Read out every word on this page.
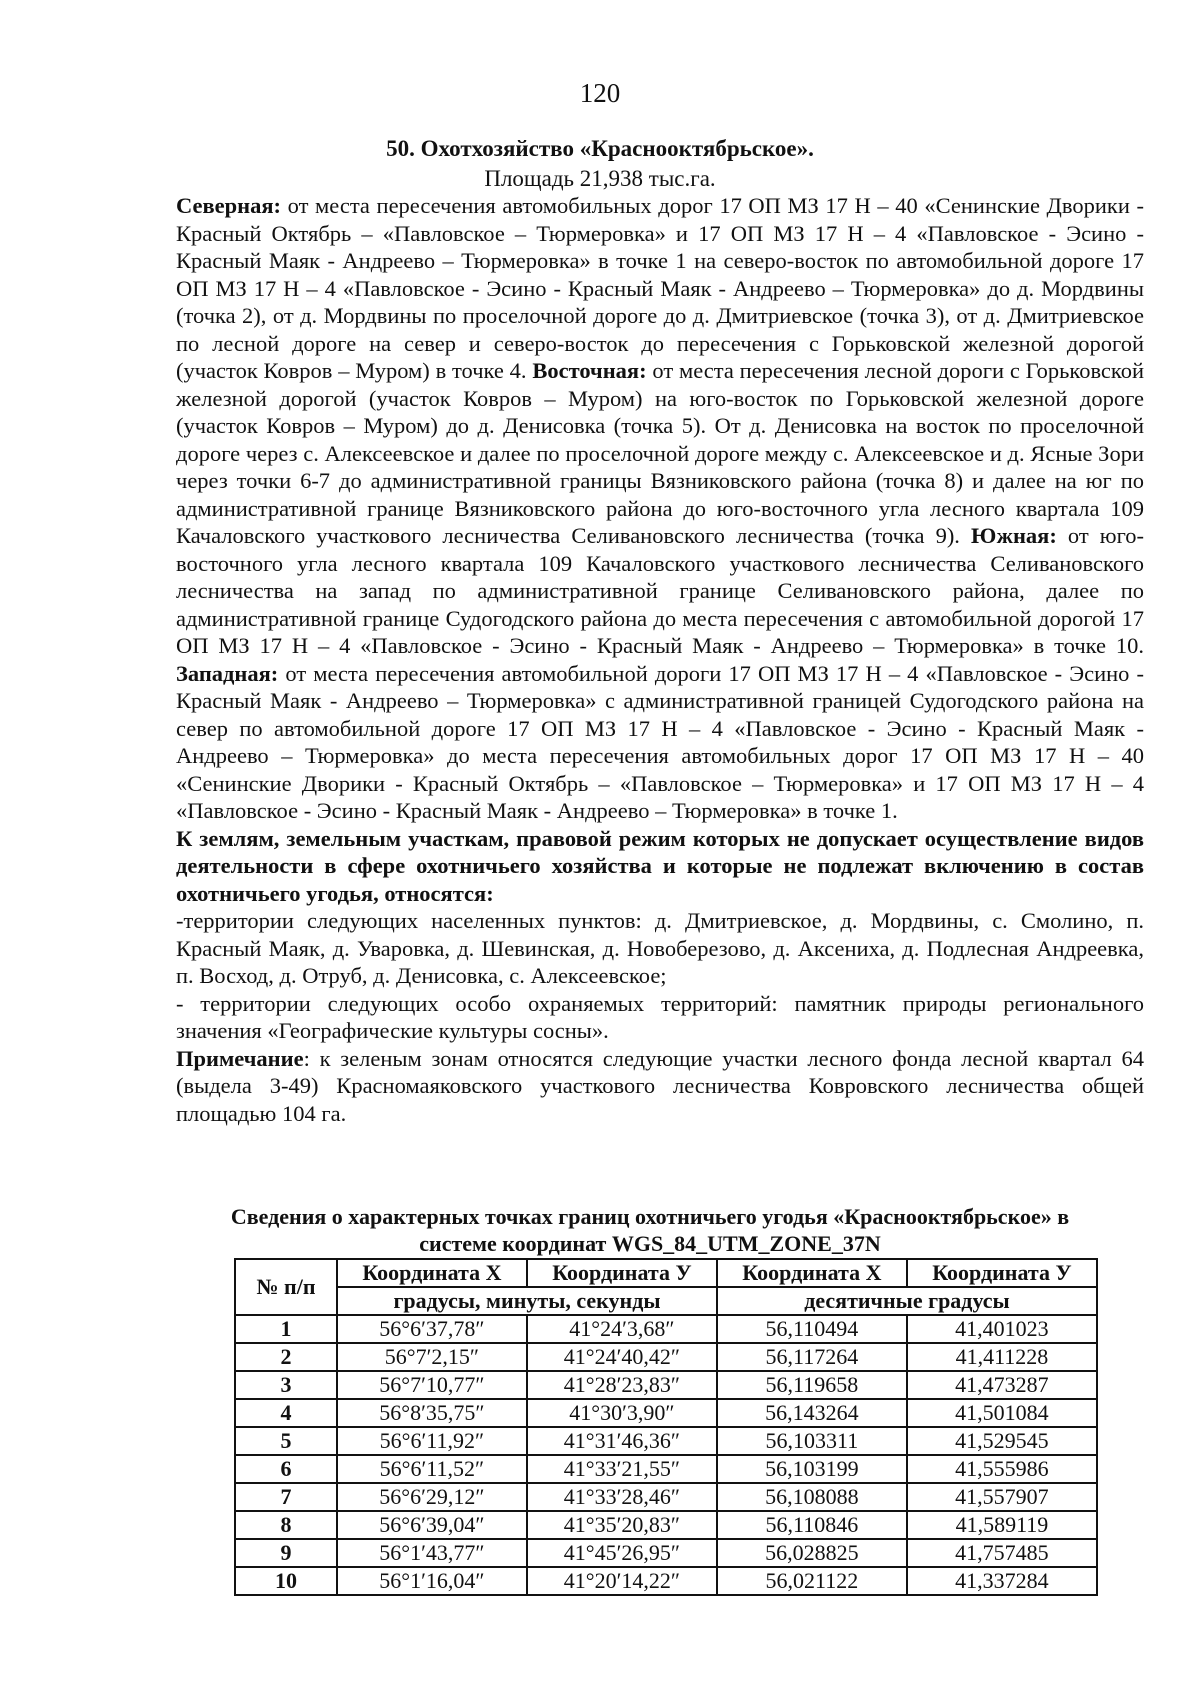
120
50. Охотхозяйство «Краснооктябрьское».
Площадь 21,938 тыс.га.

Северная: от места пересечения автомобильных дорог 17 ОП МЗ 17 Н – 40 «Сенинские Дворики - Красный Октябрь – «Павловское – Тюрмеровка» и 17 ОП МЗ 17 Н – 4 «Павловское - Эсино - Красный Маяк - Андреево – Тюрмеровка» в точке 1 на северо-восток по автомобильной дороге 17 ОП МЗ 17 Н – 4 «Павловское - Эсино - Красный Маяк - Андреево – Тюрмеровка» до д. Мордвины (точка 2), от д. Мордвины по проселочной дороге до д. Дмитриевское (точка 3), от д. Дмитриевское по лесной дороге на север и северо-восток до пересечения с Горьковской железной дорогой (участок Ковров – Муром) в точке 4. Восточная: от места пересечения лесной дороги с Горьковской железной дорогой (участок Ковров – Муром) на юго-восток по Горьковской железной дороге (участок Ковров – Муром) до д. Денисовка (точка 5). От д. Денисовка на восток по проселочной дороге через с. Алексеевское и далее по проселочной дороге между с. Алексеевское и д. Ясные Зори через точки 6-7 до административной границы Вязниковского района (точка 8) и далее на юг по административной границе Вязниковского района до юго-восточного угла лесного квартала 109 Качаловского участкового лесничества Селивановского лесничества (точка 9). Южная: от юго-восточного угла лесного квартала 109 Качаловского участкового лесничества Селивановского лесничества на запад по административной границе Селивановского района, далее по административной границе Судогодского района до места пересечения с автомобильной дорогой 17 ОП МЗ 17 Н – 4 «Павловское - Эсино - Красный Маяк - Андреево – Тюрмеровка» в точке 10. Западная: от места пересечения автомобильной дороги 17 ОП МЗ 17 Н – 4 «Павловское - Эсино - Красный Маяк - Андреево – Тюрмеровка» с административной границей Судогодского района на север по автомобильной дороге 17 ОП МЗ 17 Н – 4 «Павловское - Эсино - Красный Маяк - Андреево – Тюрмеровка» до места пересечения автомобильных дорог 17 ОП МЗ 17 Н – 40 «Сенинские Дворики - Красный Октябрь – «Павловское – Тюрмеровка» и 17 ОП МЗ 17 Н – 4 «Павловское - Эсино - Красный Маяк - Андреево – Тюрмеровка» в точке 1.

К землям, земельным участкам, правовой режим которых не допускает осуществление видов деятельности в сфере охотничьего хозяйства и которые не подлежат включению в состав охотничьего угодья, относятся:

-территории следующих населенных пунктов: д. Дмитриевское, д. Мордвины, с. Смолино, п. Красный Маяк, д. Уваровка, д. Шевинская, д. Новоберезово, д. Аксениха, д. Подлесная Андреевка, п. Восход, д. Отруб, д. Денисовка, с. Алексеевское;

- территории следующих особо охраняемых территорий: памятник природы регионального значения «Географические культуры сосны».

Примечание: к зеленым зонам относятся следующие участки лесного фонда лесной квартал 64 (выдела 3-49) Красномаяковского участкового лесничества Ковровского лесничества общей площадью 104 га.

Сведения о характерных точках границ охотничьего угодья «Краснооктябрьское» в
системе координат WGS_84_UTM_ZONE_37N
№ п/п	Координата Х	Координата У	Координата Х	Координата У
	градусы, минуты, секунды		десятичные градусы	
1	56°6′37,78″	41°24′3,68″	56,110494	41,401023
2	56°7′2,15″	41°24′40,42″	56,117264	41,411228
3	56°7′10,77″	41°28′23,83″	56,119658	41,473287
4	56°8′35,75″	41°30′3,90″	56,143264	41,501084
5	56°6′11,92″	41°31′46,36″	56,103311	41,529545
6	56°6′11,52″	41°33′21,55″	56,103199	41,555986
7	56°6′29,12″	41°33′28,46″	56,108088	41,557907
8	56°6′39,04″	41°35′20,83″	56,110846	41,589119
9	56°1′43,77″	41°45′26,95″	56,028825	41,757485
10	56°1′16,04″	41°20′14,22″	56,021122	41,337284
